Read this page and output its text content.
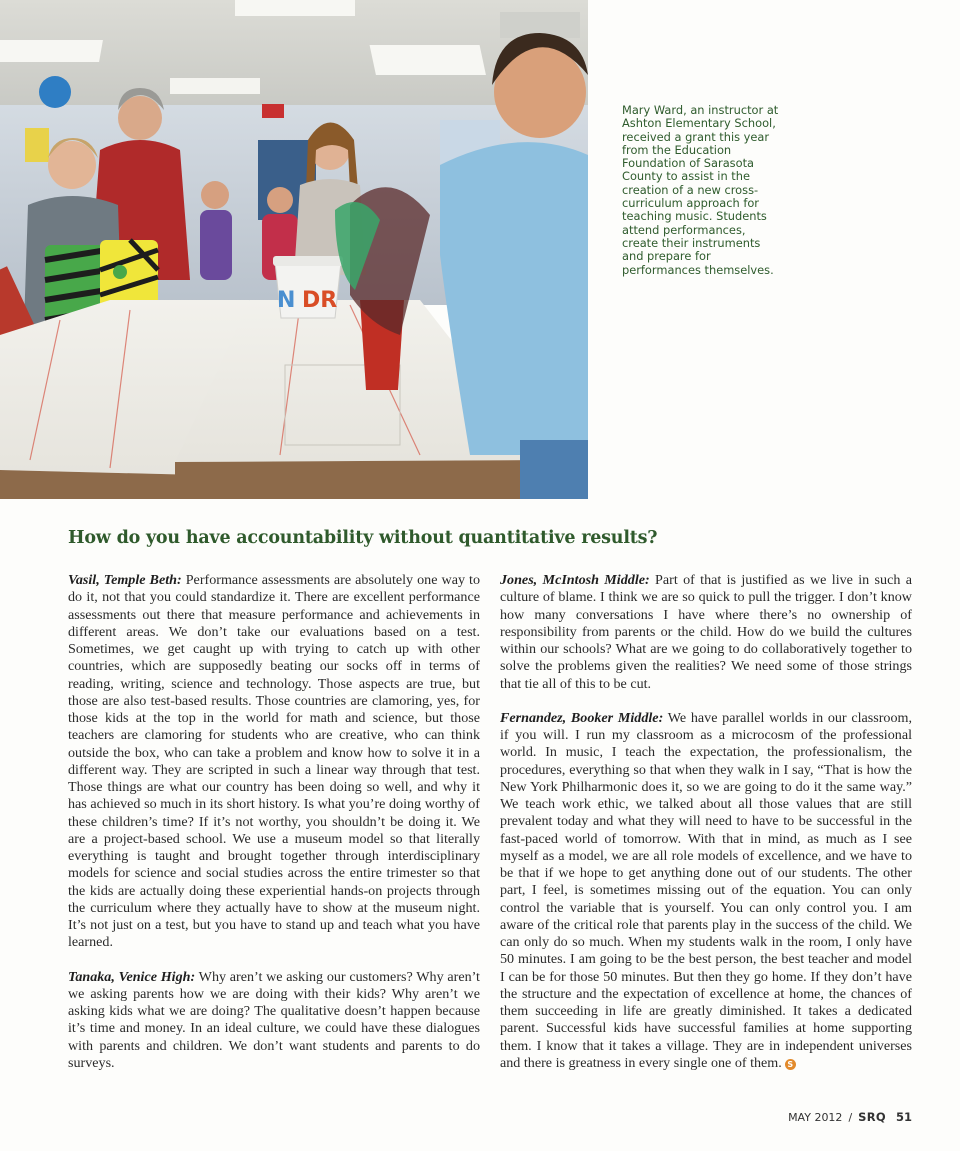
DR
N

Mary Ward, an instructor at Ashton Elementary School, received a grant this year from the Education Foundation of Sarasota County to assist in the creation of a new cross-curriculum approach for teaching music. Students attend performances, create their instruments and prepare for performances themselves.

How do you have accountability without quantitative results?

Vasil, Temple Beth: Performance assessments are absolutely one way to do it, not that you could standardize it. There are excellent performance assessments out there that measure performance and achievements in different areas. We don’t take our evaluations based on a test. Sometimes, we get caught up with trying to catch up with other countries, which are supposedly beating our socks off in terms of reading, writing, science and technology. Those aspects are true, but those are also test-based results. Those countries are clamoring, yes, for those kids at the top in the world for math and science, but those teachers are clamoring for students who are creative, who can think outside the box, who can take a problem and know how to solve it in a different way. They are scripted in such a linear way through that test. Those things are what our country has been doing so well, and why it has achieved so much in its short history. Is what you’re doing worthy of these children’s time? If it’s not worthy, you shouldn’t be doing it. We are a project-based school. We use a museum model so that literally everything is taught and brought together through interdisciplinary models for science and social studies across the entire trimester so that the kids are actually doing these experiential hands-on projects through the curriculum where they actually have to show at the museum night. It’s not just on a test, but you have to stand up and teach what you have learned.

Tanaka, Venice High: Why aren’t we asking our customers? Why aren’t we asking parents how we are doing with their kids? Why aren’t we asking kids what we are doing? The qualitative doesn’t happen because it’s time and money. In an ideal culture, we could have these dialogues with parents and children. We don’t want students and parents to do surveys.

Jones, McIntosh Middle: Part of that is justified as we live in such a culture of blame. I think we are so quick to pull the trigger. I don’t know how many conversations I have where there’s no ownership of responsibility from parents or the child. How do we build the cultures within our schools? What are we going to do collaboratively together to solve the problems given the realities? We need some of those strings that tie all of this to be cut.

Fernandez, Booker Middle: We have parallel worlds in our classroom, if you will. I run my classroom as a microcosm of the professional world. In music, I teach the expectation, the professionalism, the procedures, everything so that when they walk in I say, “That is how the New York Philharmonic does it, so we are going to do it the same way.” We teach work ethic, we talked about all those values that are still prevalent today and what they will need to have to be successful in the fast-paced world of tomorrow. With that in mind, as much as I see myself as a model, we are all role models of excellence, and we have to be that if we hope to get anything done out of our students. The other part, I feel, is sometimes missing out of the equation. You can only control the variable that is yourself. You can only control you. I am aware of the critical role that parents play in the success of the child. We can only do so much. When my students walk in the room, I only have 50 minutes. I am going to be the best person, the best teacher and model I can be for those 50 minutes. But then they go home. If they don’t have the structure and the expectation of excellence at home, the chances of them succeeding in life are greatly diminished. It takes a dedicated parent. Successful kids have successful families at home supporting them. I know that it takes a village. They are in independent universes and there is greatness in every single one of them. S

MAY 2012 / SRQ 51
